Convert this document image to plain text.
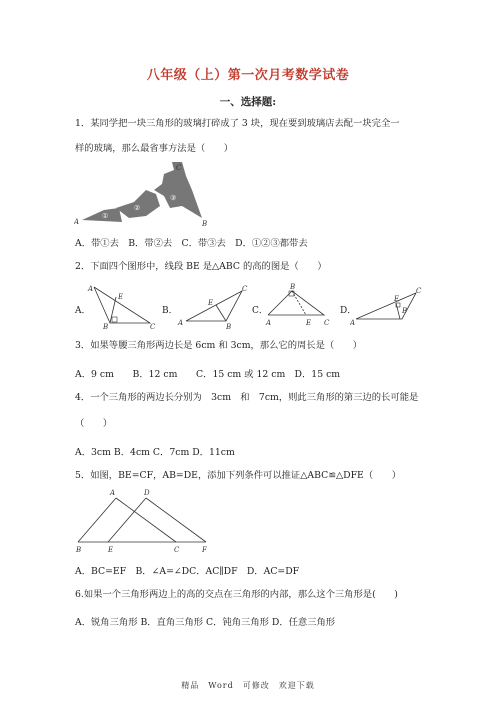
八年级（上）第一次月考数学试卷
一、选择题:
1．某同学把一块三角形的玻璃打碎成了 3 块，现在要到玻璃店去配一块完全一
样的玻璃，那么最省事方法是（　　）
A	B
C
①
②
③
A．带①去　B．带②去　C．带③去　D．①②③都带去
2．下面四个图形中，线段 BE 是△ABC 的高的图是（　　）
A．
A
B	C
E
B．
A	B
C
E
C．
A
B
C
E
D．
A
B
C
E
3．如果等腰三角形两边长是 6cm 和 3cm，那么它的周长是（　　）
A．9 cm　　B．12 cm　　C．15 cm 或 12 cm　D．15 cm
4．一个三角形的两边长分别为　3cm　和　7cm，则此三角形的第三边的长可能是
（　　）
A．3cm B．4cm C．7cm D．11cm
5．如图，BE=CF，AB=DE，添加下列条件可以推证△ABC≌△DFE（　　）
A
B	C
D
E	F
A．BC=EF　B．∠A=∠DC．AC∥DF　D．AC=DF
6.如果一个三角形两边上的高的交点在三角形的内部，那么这个三角形是(　　)
A．锐角三角形 B．直角三角形 C．钝角三角形 D．任意三角形
精品　Word　可修改　欢迎下载
